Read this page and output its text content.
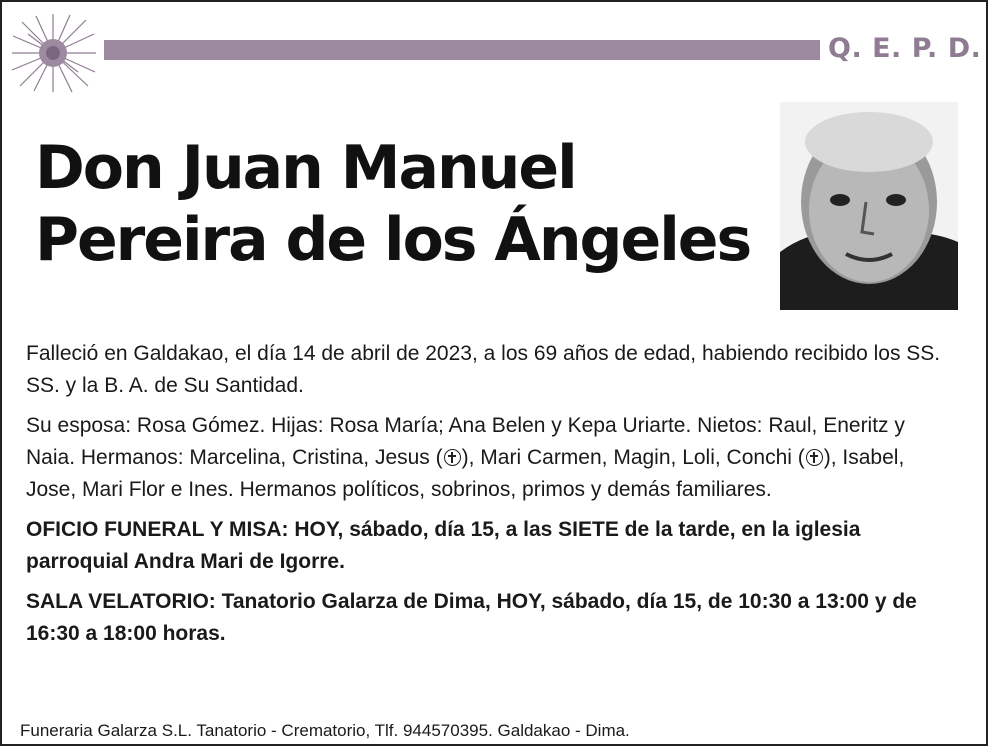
Q. E. P. D.
Don Juan Manuel
Pereira de los Ángeles

Falleció en Galdakao, el día 14 de abril de 2023, a los 69 años de edad, habiendo recibido los SS. SS. y la B. A. de Su Santidad.

Su esposa: Rosa Gómez. Hijas: Rosa María; Ana Belen y Kepa Uriarte. Nietos: Raul, Eneritz y Naia. Hermanos: Marcelina, Cristina, Jesus ( ), Mari Carmen, Magin, Loli, Conchi ( ), Isabel, Jose, Mari Flor e Ines. Hermanos políticos, sobrinos, primos y demás familiares.

OFICIO FUNERAL Y MISA: HOY, sábado, día 15, a las SIETE de la tarde, en la iglesia parroquial Andra Mari de Igorre.

SALA VELATORIO: Tanatorio Galarza de Dima, HOY, sábado, día 15, de 10:30 a 13:00 y de 16:30 a 18:00 horas.

Funeraria Galarza S.L. Tanatorio - Crematorio, Tlf. 944570395. Galdakao - Dima.
